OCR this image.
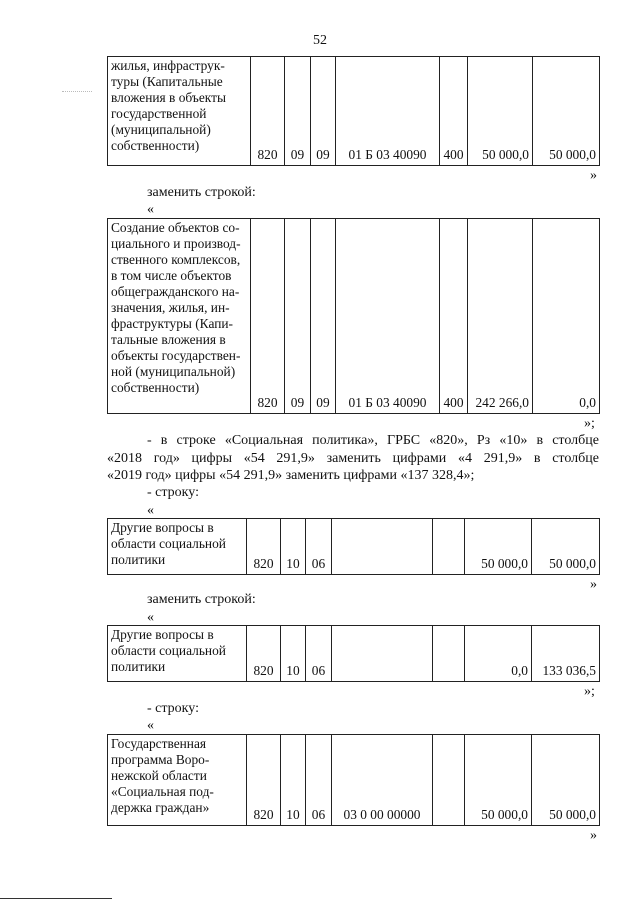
52
жилья, инфраструк-
туры (Капитальные
вложения в объекты
государственной
(муниципальной)
собственности)
	820	09	09	01 Б 03 40090	400	50 000,0	50 000,0
»
заменить строкой:
«
Создание объектов со-
циального и производ-
ственного комплексов,
в том числе объектов
общегражданского на-
значения, жилья, ин-
фраструктуры (Капи-
тальные вложения в
объекты государствен-
ной (муниципальной)
собственности)
	820	09	09	01 Б 03 40090	400	242 266,0	0,0
»;
- в строке «Социальная политика», ГРБС «820», Рз «10» в столбце
«2018 год» цифры «54 291,9» заменить цифрами «4 291,9» в столбце
«2019 год» цифры «54 291,9» заменить цифрами «137 328,4»;
- строку:
«
Другие вопросы в
области социальной
политики	820	10	06			50 000,0	50 000,0
»
заменить строкой:
«
Другие вопросы в
области социальной
политики	820	10	06			0,0	133 036,5
»;
- строку:
«
Государственная
программа Воро-
нежской области
«Социальная под-
держка граждан»	820	10	06	03 0 00 00000		50 000,0	50 000,0
»
